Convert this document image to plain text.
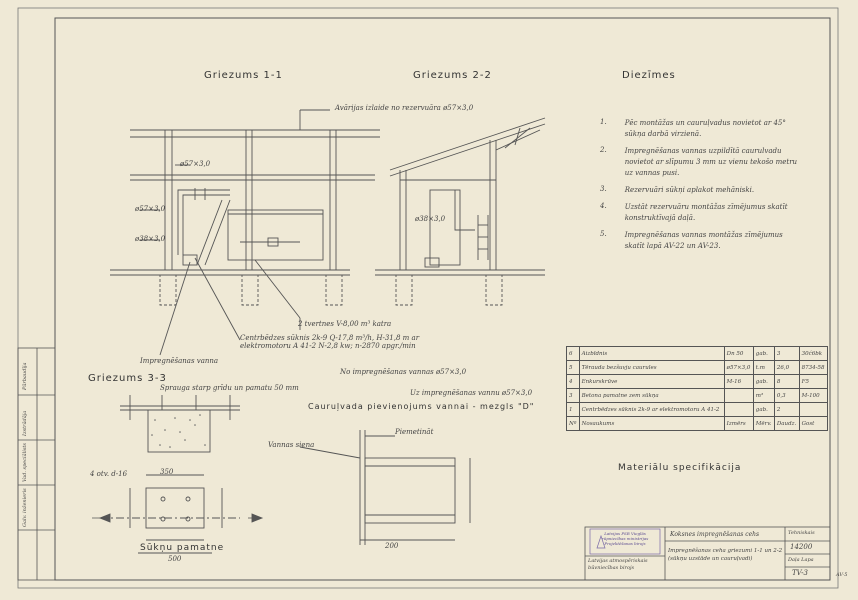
Griezums 1-1	Griezums 2-2	Diezīmes
Griezums 3-3
Cauruļvada pievienojums vannai - mezgls "D"
Sūkņu pamatne
Materiālu specifikācija
Avārijas izlaide no rezervuāra ø57×3,0
ø57×3,0
ø57×3,0
ø38×3,0
ø38×3,0
2 tvertnes V-8,00 m³ katra
Centrbēdzes sūknis 2k-9 Q-17,8 m³/h, H-31,8 m ar elektromotoru A 41-2 N-2,8 kw; n-2870 apgr./min
Impregnēšanas vanna
No impregnēšanas vannas ø57×3,0
Uz impregnēšanas vannu ø57×3,0
Sprauga starp grīdu un pamatu 50 mm
Vannas siena
Piemetināt
4 otv. d-16	350
500
200
1.	Pēc montāžas un cauruļvadus novietot ar 45° sūkņa darbā virzienā.
2.	Impregnēšanas vannas uzpildītā caurulvadu novietot ar slīpumu 3 mm uz vienu tekošo metru uz vannas pusi.
3.	Rezervuāri sūkņi aplakot mehāniski.
4.	Uzstāt rezervuāru montāžas zīmējumus skatīt konstruktīvajā daļā.
5.	Impregnēšanas vannas montāžas zīmējumus skatīt lapā AV-22 un AV-23.
6	Aizbīdnis	Dn 50	gab.	3	30ć6bk
5	Tērauda bezšuvju caurules	ø57×3,0	t.m	26,0	8734-58
4	Enkurskrūve	M-16	gab.	8	F5
3	Betona pamatne zem sūkņa		m³	0,3	M-100
1	Centrbēdzes sūknis 2k-9 ar elektromotoru A 41-2		gab.	2	
Nº	Nosaukums	Izmērs	Mērv.	Daudz.	Gost
Latvijas PSR Vieglās rūpniecības ministrijas Projektēšanas birojs
Latvijas atmospēriskais būvniecības birojs
Koksnes impregnēšanas cehs
Impregnēšanas ceha griezumi 1-1 un 2-2 (sūkņu uzstāde un cauruļvadi)
Tehniskais
14200
Daļa Lapa
TV-3
Pārbaudīja
Izstrādāja
Vad. speciālists
Galv. inženieris
AV-5
